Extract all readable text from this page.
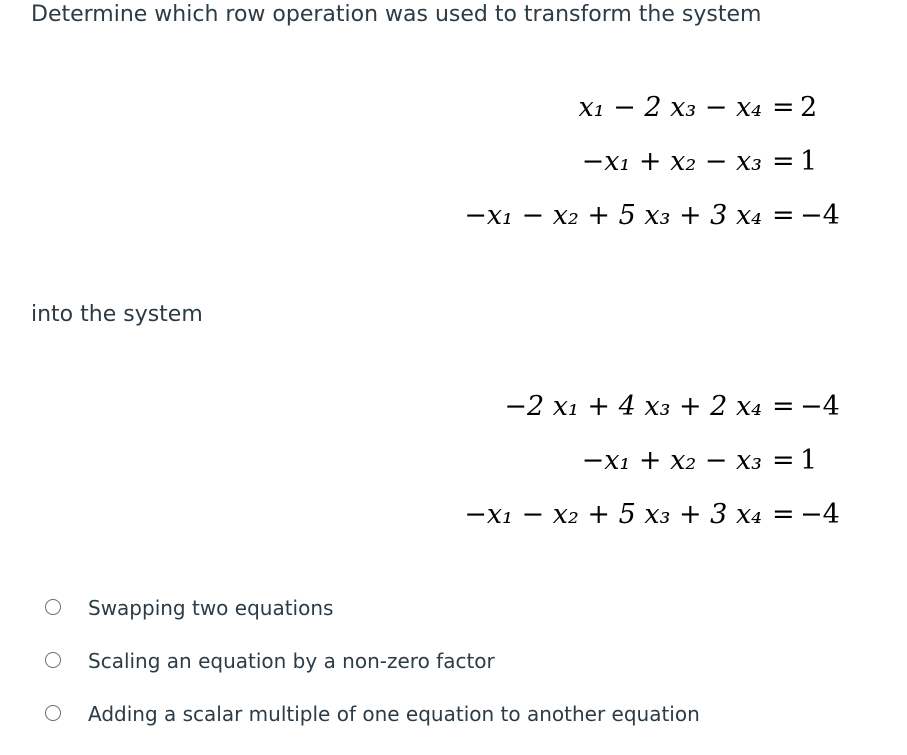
Determine which row operation was used to transform the system
x₁ − 2 x₃ − x₄ = 2
−x₁ + x₂ − x₃ = 1
−x₁ − x₂ + 5 x₃ + 3 x₄ = −4
into the system
−2 x₁ + 4 x₃ + 2 x₄ = −4
−x₁ + x₂ − x₃ = 1
−x₁ − x₂ + 5 x₃ + 3 x₄ = −4
Swapping two equations
Scaling an equation by a non-zero factor
Adding a scalar multiple of one equation to another equation
